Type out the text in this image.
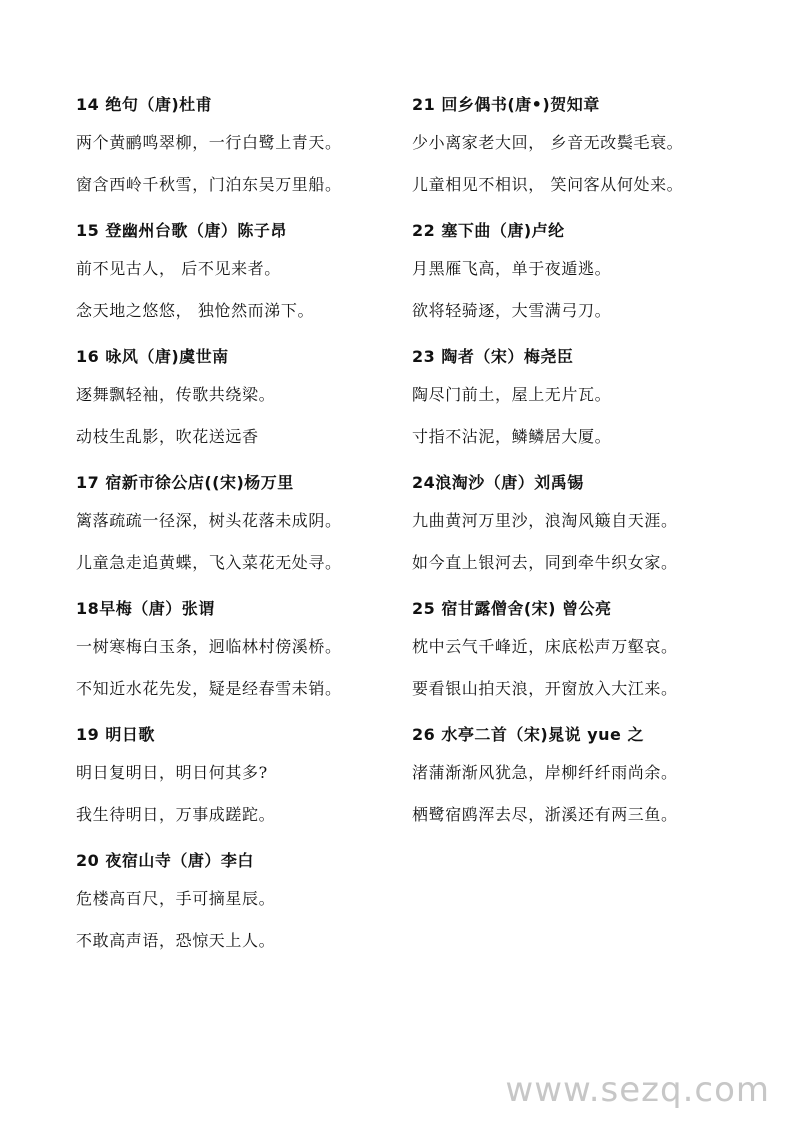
14 绝句（唐)杜甫
两个黄鹂鸣翠柳，一行白鹭上青天。
窗含西岭千秋雪，门泊东吴万里船。
15 登幽州台歌（唐）陈子昂
前不见古人， 后不见来者。
念天地之悠悠， 独怆然而涕下。
16 咏风（唐)虞世南
逐舞飘轻袖，传歌共绕梁。
动枝生乱影，吹花送远香
17 宿新市徐公店((宋)杨万里
篱落疏疏一径深，树头花落未成阴。
儿童急走追黄蝶，飞入菜花无处寻。
18早梅（唐）张谓
一树寒梅白玉条，迥临林村傍溪桥。
不知近水花先发，疑是经春雪未销。
19 明日歌
明日复明日，明日何其多?
我生待明日，万事成蹉跎。
20 夜宿山寺（唐）李白
危楼高百尺，手可摘星辰。
不敢高声语，恐惊天上人。
21 回乡偶书(唐•)贺知章
少小离家老大回， 乡音无改鬓毛衰。
儿童相见不相识， 笑问客从何处来。
22 塞下曲（唐)卢纶
月黑雁飞高，单于夜遁逃。
欲将轻骑逐，大雪满弓刀。
23 陶者（宋）梅尧臣
陶尽门前土，屋上无片瓦。
寸指不沾泥，鳞鳞居大厦。
24浪淘沙（唐）刘禹锡
九曲黄河万里沙，浪淘风簸自天涯。
如今直上银河去，同到牵牛织女家。
25 宿甘露僧舍(宋) 曾公亮
枕中云气千峰近，床底松声万壑哀。
要看银山拍天浪，开窗放入大江来。
26 水亭二首（宋)晁说 yue 之
渚蒲渐渐风犹急，岸柳纤纤雨尚余。
栖鹭宿鸥浑去尽，浙溪还有两三鱼。
www.sezq.com
